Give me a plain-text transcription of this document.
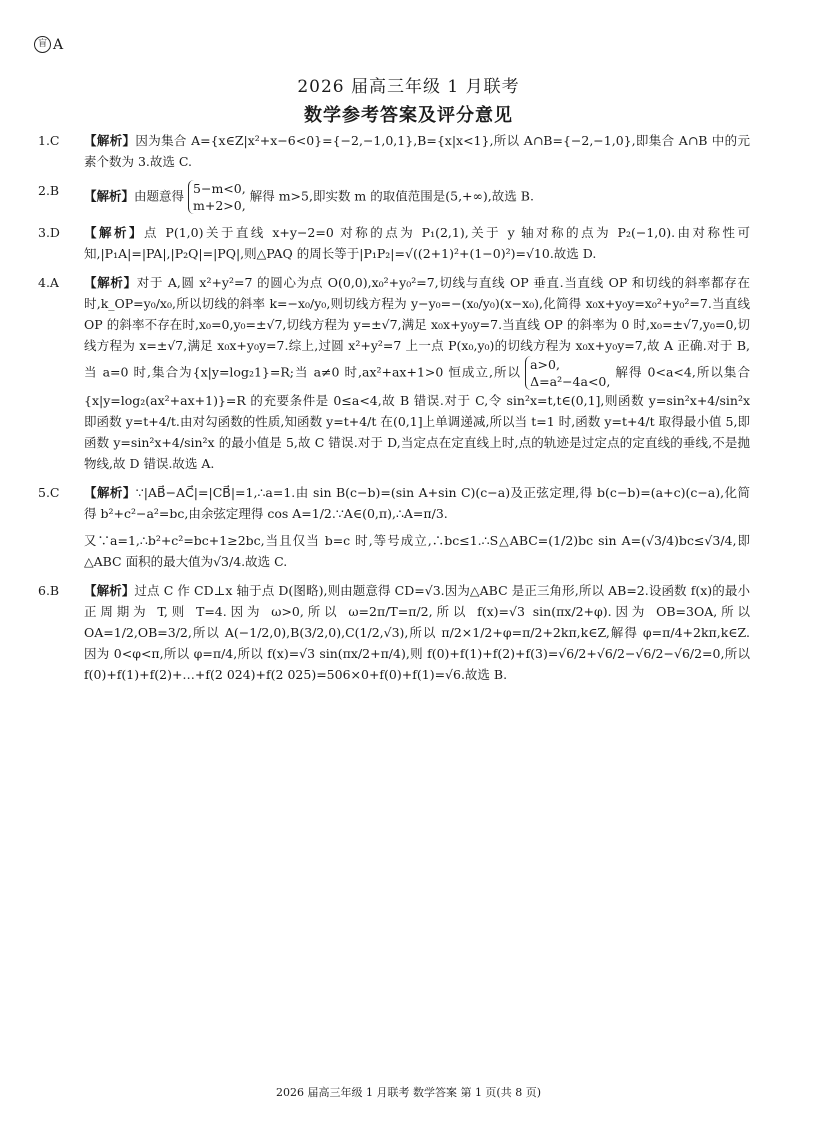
盲 A
2026 届高三年级 1 月联考
数学参考答案及评分意见
1.C 【解析】因为集合 A={x∈Z|x²+x−6<0}={−2,−1,0,1},B={x|x<1},所以 A∩B={−2,−1,0},即集合 A∩B 中的元素个数为 3.故选 C.
2.B 【解析】由题意得 5−m<0,
m+2>0,解得 m>5,即实数 m 的取值范围是(5,+∞),故选 B.
3.D 【解析】点 P(1,0)关于直线 x+y−2=0 对称的点为 P₁(2,1),关于 y 轴对称的点为 P₂(−1,0).由对称性可知,|P₁A|=|PA|,|P₂Q|=|PQ|,则△PAQ 的周长等于|P₁P₂|=√((2+1)²+(1−0)²)=√10.故选 D.
4.A 【解析】对于 A,圆 x²+y²=7 的圆心为点 O(0,0),x₀²+y₀²=7,切线与直线 OP 垂直.当直线 OP 和切线的斜率都存在时,k_OP=y₀/x₀,所以切线的斜率 k=−x₀/y₀,则切线方程为 y−y₀=−(x₀/y₀)(x−x₀),化简得 x₀x+y₀y=x₀²+y₀²=7.当直线 OP 的斜率不存在时,x₀=0,y₀=±√7,切线方程为 y=±√7,满足 x₀x+y₀y=7.当直线 OP 的斜率为 0 时,x₀=±√7,y₀=0,切线方程为 x=±√7,满足 x₀x+y₀y=7.综上,过圆 x²+y²=7 上一点 P(x₀,y₀)的切线方程为 x₀x+y₀y=7,故 A 正确.对于 B,当 a=0 时,集合为{x|y=log₂1}=R;当 a≠0 时,ax²+ax+1>0 恒成立,所以 a>0,
Δ=a²−4a<0,解得 0<a<4,所以集合{x|y=log₂(ax²+ax+1)}=R 的充要条件是 0≤a<4,故 B 错误.对于 C,令 sin²x=t,t∈(0,1],则函数 y=sin²x+4/sin²x 即函数 y=t+4/t.由对勾函数的性质,知函数 y=t+4/t 在(0,1]上单调递减,所以当 t=1 时,函数 y=t+4/t 取得最小值 5,即函数 y=sin²x+4/sin²x 的最小值是 5,故 C 错误.对于 D,当定点在定直线上时,点的轨迹是过定点的定直线的垂线,不是抛物线,故 D 错误.故选 A.
5.C 【解析】∵|AB⃗−AC⃗|=|CB⃗|=1,∴a=1.由 sin B(c−b)=(sin A+sin C)(c−a)及正弦定理,得 b(c−b)=(a+c)(c−a),化简得 b²+c²−a²=bc,由余弦定理得 cos A=1/2.∵A∈(0,π),∴A=π/3.

又∵a=1,∴b²+c²=bc+1≥2bc,当且仅当 b=c 时,等号成立,∴bc≤1.∴S△ABC=(1/2)bc sin A=(√3/4)bc≤√3/4,即△ABC 面积的最大值为√3/4.故选 C.

6.B 【解析】过点 C 作 CD⊥x 轴于点 D(图略),则由题意得 CD=√3.因为△ABC 是正三角形,所以 AB=2.设函数 f(x)的最小正周期为 T,则 T=4.因为 ω>0,所以 ω=2π/T=π/2,所以 f(x)=√3 sin(πx/2+φ).因为 OB=3OA,所以 OA=1/2,OB=3/2,所以 A(−1/2,0),B(3/2,0),C(1/2,√3),所以 π/2×1/2+φ=π/2+2kπ,k∈Z,解得 φ=π/4+2kπ,k∈Z.因为 0<φ<π,所以 φ=π/4,所以 f(x)=√3 sin(πx/2+π/4),则 f(0)+f(1)+f(2)+f(3)=√6/2+√6/2−√6/2−√6/2=0,所以 f(0)+f(1)+f(2)+…+f(2 024)+f(2 025)=506×0+f(0)+f(1)=√6.故选 B.
2026 届高三年级 1 月联考 数学答案 第 1 页(共 8 页)
